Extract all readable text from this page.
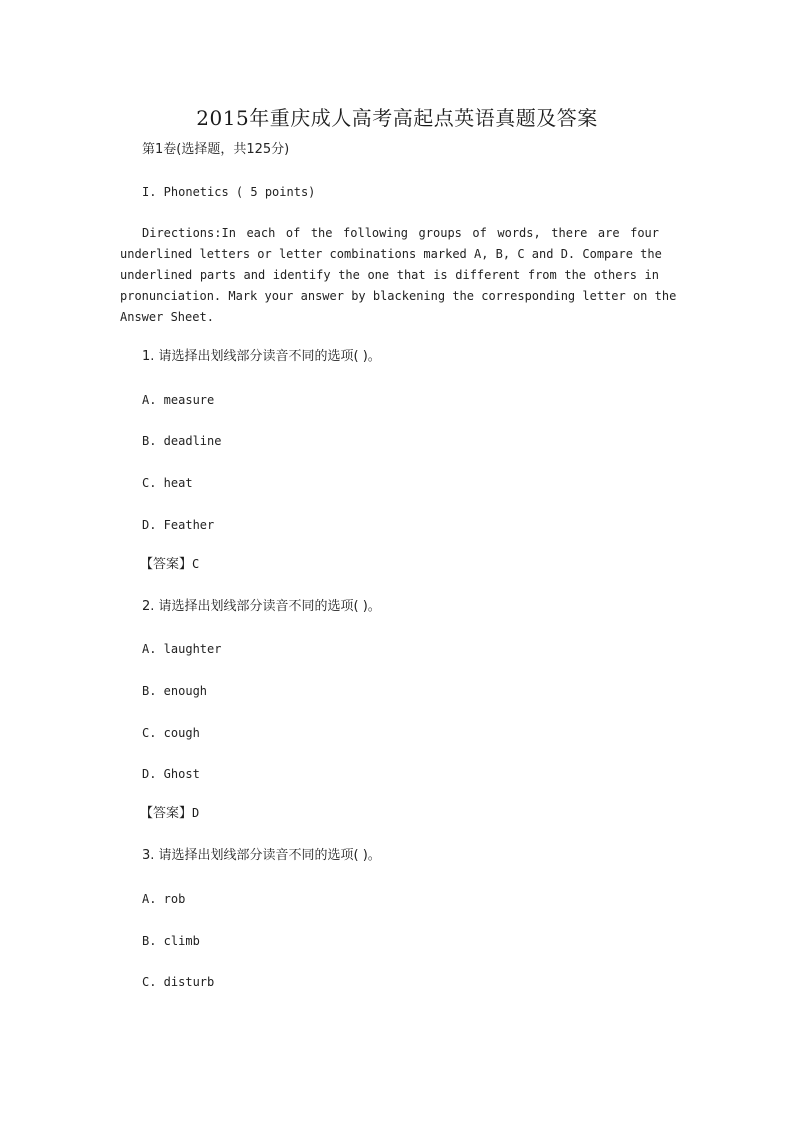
2015年重庆成人高考高起点英语真题及答案
第1卷(选择题，共125分)
I. Phonetics ( 5 points)
Directions:In each of the following groups of words, there are four
underlined letters or letter combinations marked A, B, C and D. Compare the
underlined parts and identify the one that is different from the others in
pronunciation. Mark your answer by blackening the corresponding letter on the
Answer Sheet.
1. 请选择出划线部分读音不同的选项( )。
A. measure
B. deadline
C. heat
D. Feather
【答案】C
2. 请选择出划线部分读音不同的选项( )。
A. laughter
B. enough
C. cough
D. Ghost
【答案】D
3. 请选择出划线部分读音不同的选项( )。
A. rob
B. climb
C. disturb
